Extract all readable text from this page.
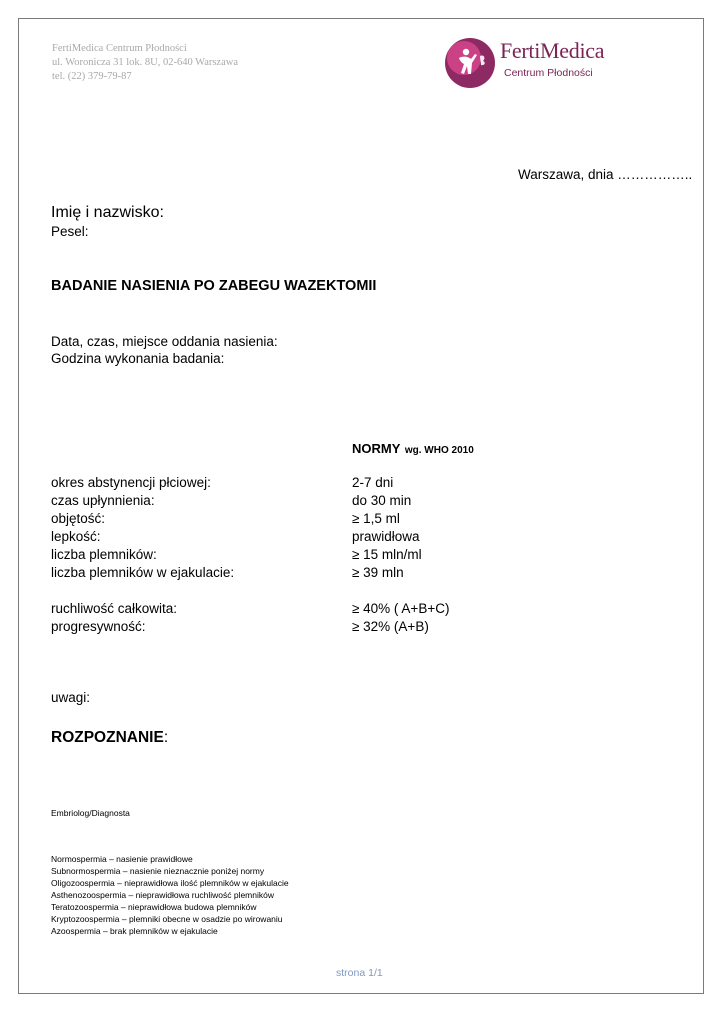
FertiMedica Centrum Płodności
ul. Woronicza 31 lok. 8U, 02-640 Warszawa
tel. (22) 379-79-87
FertiMedica
Centrum Płodności
Warszawa, dnia ……………..
Imię i nazwisko:
Pesel:
BADANIE NASIENIA PO ZABEGU WAZEKTOMII
Data, czas, miejsce oddania nasienia:
Godzina wykonania badania:
NORMY wg. WHO 2010
okres abstynencji płciowej:	2-7 dni
czas upłynnienia:	do 30 min
objętość:	≥ 1,5 ml
lepkość:	prawidłowa
liczba plemników:	≥ 15 mln/ml
liczba plemników w ejakulacie:	≥ 39 mln
ruchliwość całkowita:	≥ 40% ( A+B+C)
progresywność:	≥ 32% (A+B)
uwagi:
ROZPOZNANIE:
Embriolog/Diagnosta
Normospermia – nasienie prawidłowe
Subnormospermia – nasienie nieznacznie poniżej normy
Oligozoospermia – nieprawidłowa ilość plemników w ejakulacie
Asthenozoospermia – nieprawidłowa ruchliwość plemników
Teratozoospermia – nieprawidłowa budowa plemników
Kryptozoospermia – plemniki obecne w osadzie po wirowaniu
Azoospermia – brak plemników w ejakulacie
strona 1/1
